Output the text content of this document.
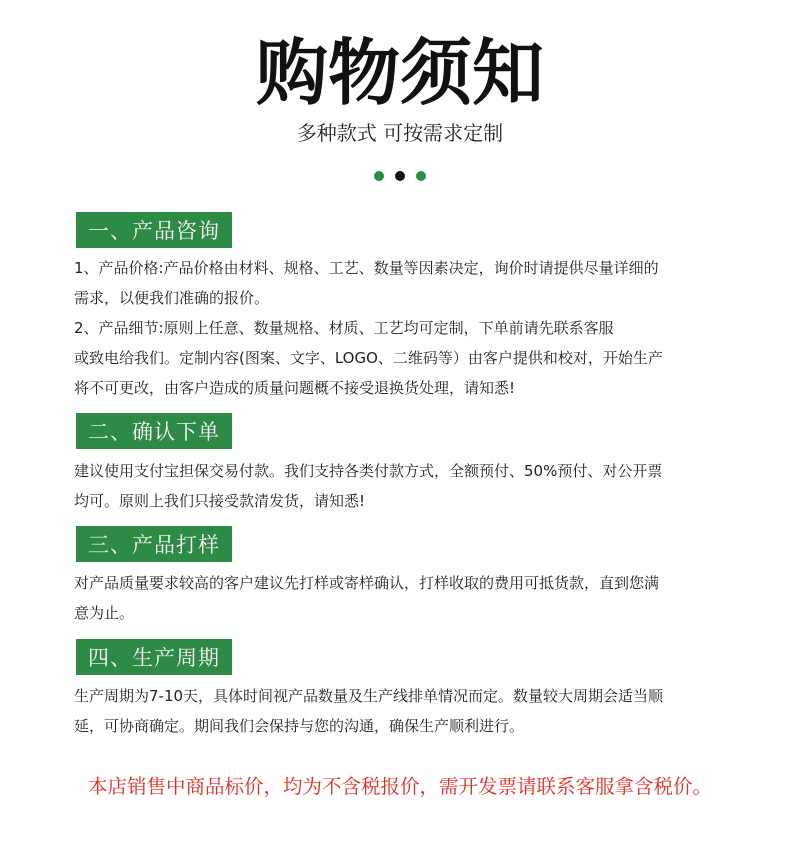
购物须知
多种款式 可按需求定制
一、产品咨询
1、产品价格:产品价格由材料、规格、工艺、数量等因素决定，询价时请提供尽量详细的
需求，以便我们准确的报价。
2、产品细节:原则上任意、数量规格、材质、工艺均可定制，下单前请先联系客服
或致电给我们。定制内容(图案、文字、LOGO、二维码等）由客户提供和校对，开始生产
将不可更改，由客户造成的质量问题概不接受退换货处理，请知悉!
二、确认下单
建议使用支付宝担保交易付款。我们支持各类付款方式，全额预付、50%预付、对公开票
均可。原则上我们只接受款清发货，请知悉!
三、产品打样
对产品质量要求较高的客户建议先打样或寄样确认，打样收取的费用可抵货款，直到您满
意为止。
四、生产周期
生产周期为7-10天，具体时间视产品数量及生产线排单情况而定。数量较大周期会适当顺
延，可协商确定。期间我们会保持与您的沟通，确保生产顺利进行。
本店销售中商品标价，均为不含税报价，需开发票请联系客服拿含税价。
